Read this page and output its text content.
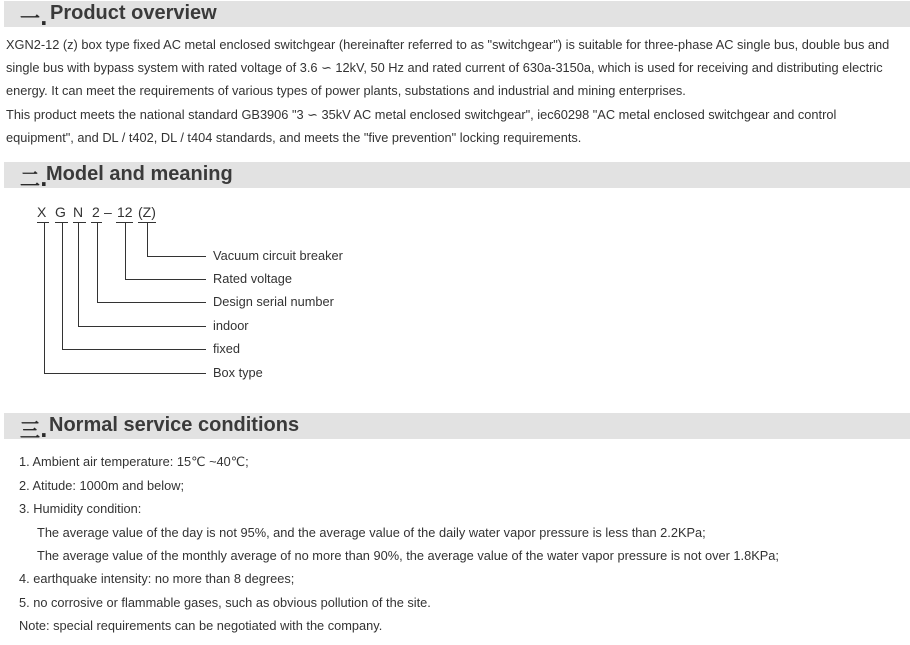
一. Product overview

XGN2-12 (z) box type fixed AC metal enclosed switchgear (hereinafter referred to as "switchgear") is suitable for three-phase AC single bus, double bus and

single bus with bypass system with rated voltage of 3.6 ∽ 12kV, 50 Hz and rated current of 630a-3150a, which is used for receiving and distributing electric

energy. It can meet the requirements of various types of power plants, substations and industrial and mining enterprises.

This product meets the national standard GB3906 "3 ∽ 35kV AC metal enclosed switchgear", iec60298 "AC metal enclosed switchgear and control

equipment", and DL / t402, DL / t404 standards, and meets the "five prevention" locking requirements.

二.
Model and meaning
X G N 2 – 12 (Z)
Vacuum circuit breaker
Rated voltage
Design serial number
indoor
fixed
Box type
三. Normal service conditions
1. Ambient air temperature: 15℃ ~40℃;
2. Atitude: 1000m and below;
3. Humidity condition:
The average value of the day is not 95%, and the average value of the daily water vapor pressure is less than 2.2KPa;
The average value of the monthly average of no more than 90%, the average value of the water vapor pressure is not over 1.8KPa;
4. earthquake intensity: no more than 8 degrees;
5. no corrosive or flammable gases, such as obvious pollution of the site.
Note: special requirements can be negotiated with the company.
